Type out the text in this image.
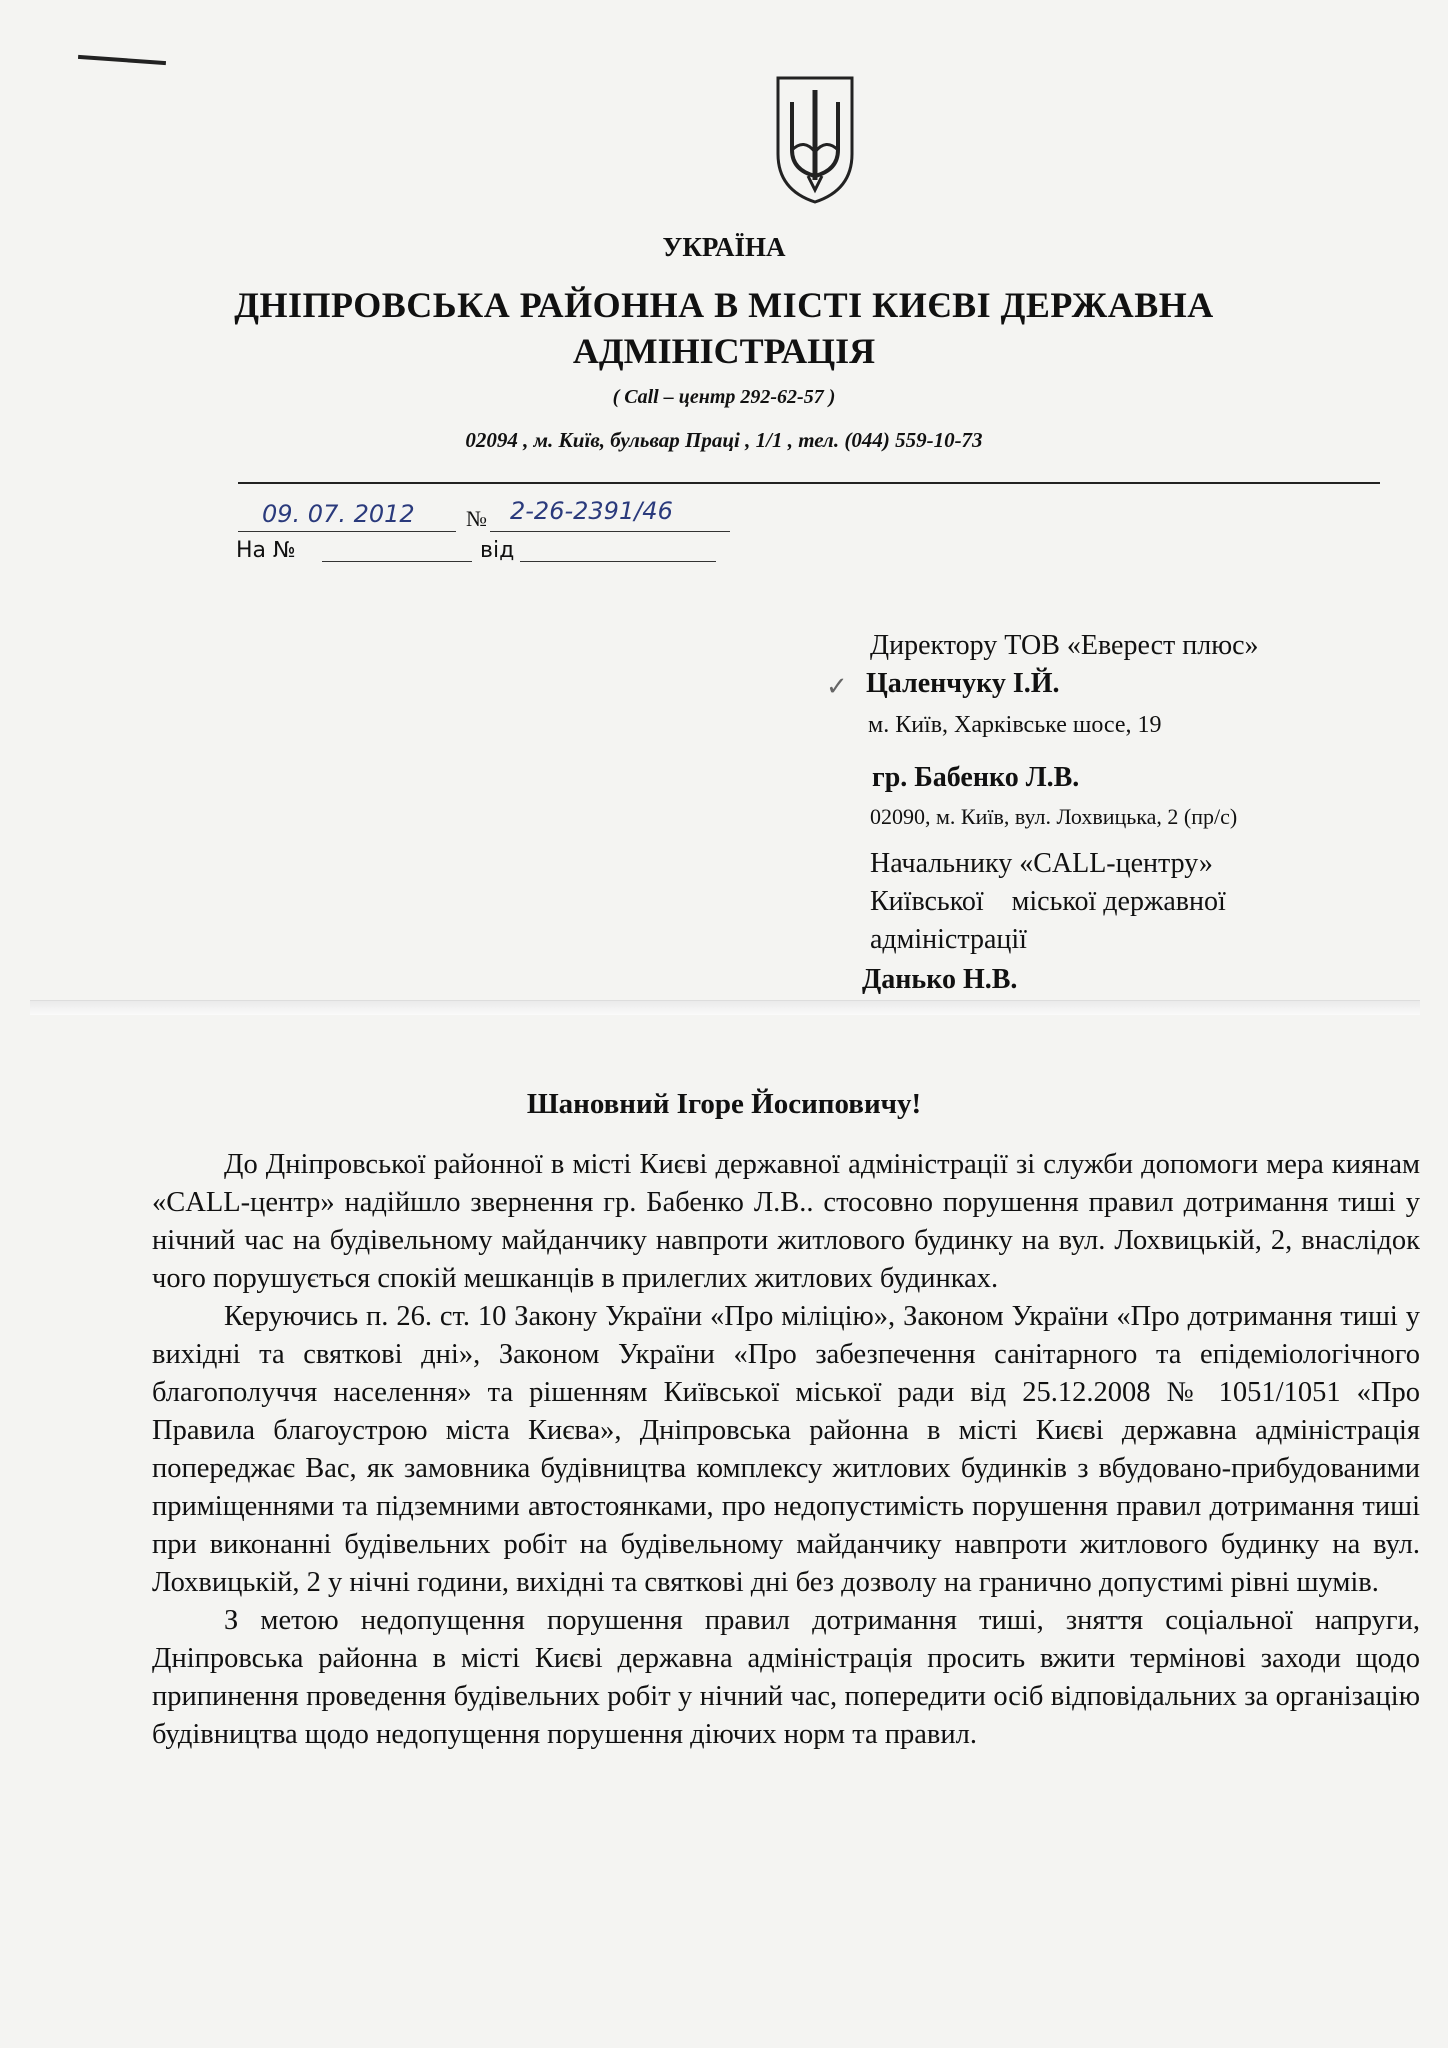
УКРАЇНА
ДНІПРОВСЬКА РАЙОННА В МІСТІ КИЄВІ ДЕРЖАВНА
АДМІНІСТРАЦІЯ
( Call – центр 292-62-57 )
02094 , м. Київ, бульвар Праці , 1/1 , тел. (044) 559-10-73
09. 07. 2012 № 2-26-2391/46
На №	від
Директору ТОВ «Еверест плюс»
Цаленчуку І.Й.
м. Київ, Харківське шосе, 19
гр. Бабенко Л.В.
02090, м. Київ, вул. Лохвицька, 2 (пр/с)
Начальнику «CALL-центру»
Київської    міської державної
адміністрації
Данько Н.В.
✓
Шановний Ігоре Йосиповичу!

До Дніпровської районної в місті Києві державної адміністрації зі служби допомоги мера киянам «CALL-центр» надійшло звернення гр. Бабенко Л.В.. стосовно порушення правил дотримання тиші у нічний час на будівельному майданчику навпроти житлового будинку на вул. Лохвицькій, 2, внаслідок чого порушується спокій мешканців в прилеглих житлових будинках.

Керуючись п. 26. ст. 10 Закону України «Про міліцію», Законом України «Про дотримання тиші у вихідні та святкові дні», Законом України «Про забезпечення санітарного та епідеміологічного благополуччя населення» та рішенням Київської міської ради від 25.12.2008 № 1051/1051 «Про Правила благоустрою міста Києва», Дніпровська районна в місті Києві державна адміністрація попереджає Вас, як замовника будівництва комплексу житлових будинків з вбудовано-прибудованими приміщеннями та підземними автостоянками, про недопустимість порушення правил дотримання тиші при виконанні будівельних робіт на будівельному майданчику навпроти житлового будинку на вул. Лохвицькій, 2 у нічні години, вихідні та святкові дні без дозволу на гранично допустимі рівні шумів.

З метою недопущення порушення правил дотримання тиші, зняття соціальної напруги, Дніпровська районна в місті Києві державна адміністрація просить вжити термінові заходи щодо припинення проведення будівельних робіт у нічний час, попередити осіб відповідальних за організацію будівництва щодо недопущення порушення діючих норм та правил.
